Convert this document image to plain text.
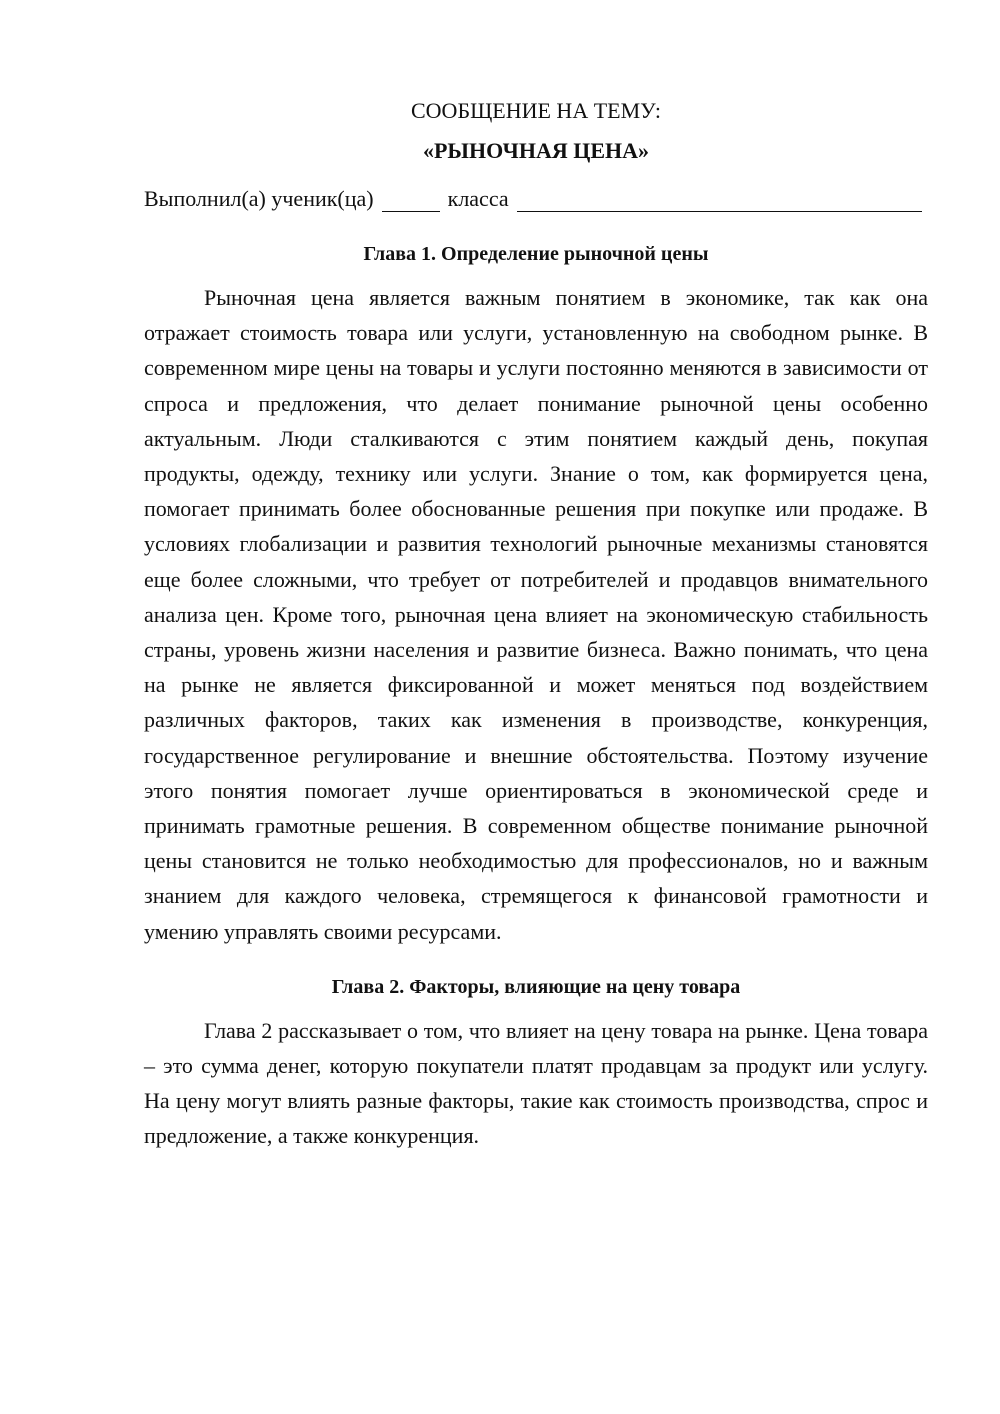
СООБЩЕНИЕ НА ТЕМУ:
«РЫНОЧНАЯ ЦЕНА»
Выполнил(а) ученик(ца)	класса
Глава 1. Определение рыночной цены

Рыночная цена является важным понятием в экономике, так как она отражает стоимость товара или услуги, установленную на свободном рынке. В современном мире цены на товары и услуги постоянно меняются в зависимости от спроса и предложения, что делает понимание рыночной цены особенно актуальным. Люди сталкиваются с этим понятием каждый день, покупая продукты, одежду, технику или услуги. Знание о том, как формируется цена, помогает принимать более обоснованные решения при покупке или продаже. В условиях глобализации и развития технологий рыночные механизмы становятся еще более сложными, что требует от потребителей и продавцов внимательного анализа цен. Кроме того, рыночная цена влияет на экономическую стабильность страны, уровень жизни населения и развитие бизнеса. Важно понимать, что цена на рынке не является фиксированной и может меняться под воздействием различных факторов, таких как изменения в производстве, конкуренция, государственное регулирование и внешние обстоятельства. Поэтому изучение этого понятия помогает лучше ориентироваться в экономической среде и принимать грамотные решения. В современном обществе понимание рыночной цены становится не только необходимостью для профессионалов, но и важным знанием для каждого человека, стремящегося к финансовой грамотности и умению управлять своими ресурсами.

Глава 2. Факторы, влияющие на цену товара

Глава 2 рассказывает о том, что влияет на цену товара на рынке. Цена товара – это сумма денег, которую покупатели платят продавцам за продукт или услугу. На цену могут влиять разные факторы, такие как стоимость производства, спрос и предложение, а также конкуренция.
